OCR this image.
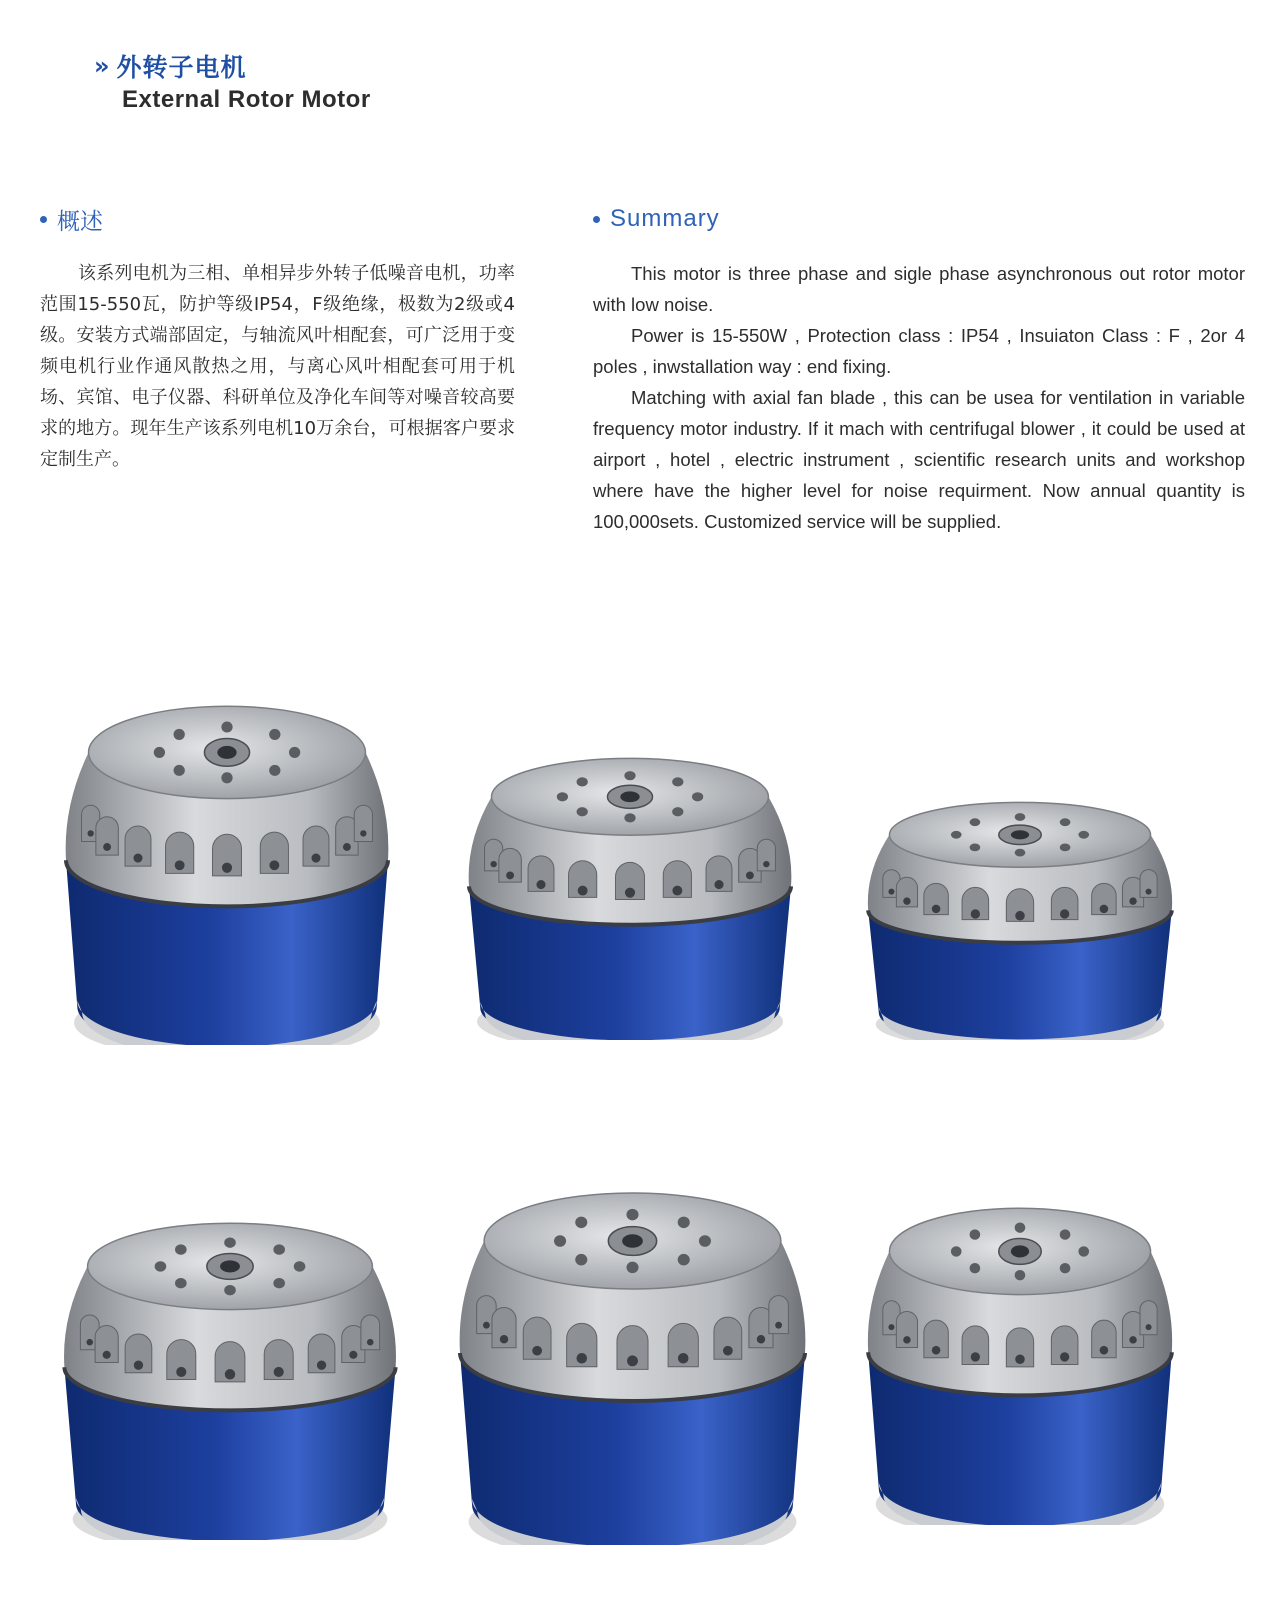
» 外转子电机
External Rotor Motor
概述
该系列电机为三相、单相异步外转子低噪音电机，功率范围15-550瓦，防护等级IP54，F级绝缘，极数为2级或4级。安装方式端部固定，与轴流风叶相配套，可广泛用于变频电机行业作通风散热之用，与离心风叶相配套可用于机场、宾馆、电子仪器、科研单位及净化车间等对噪音较高要求的地方。现年生产该系列电机10万余台，可根据客户要求定制生产。
Summary

This motor is three phase and sigle phase asynchronous out rotor motor with low noise.

Power is 15-550W , Protection class : IP54 , Insuiaton Class : F , 2or 4 poles , inwstallation way : end fixing.

Matching with axial fan blade , this can be usea for ventilation in variable frequency motor industry. If it mach with centrifugal blower , it could be used at airport , hotel , electric instrument , scientific research units and workshop where have the higher level for noise requirment. Now annual quantity is 100,000sets. Customized service will be supplied.
